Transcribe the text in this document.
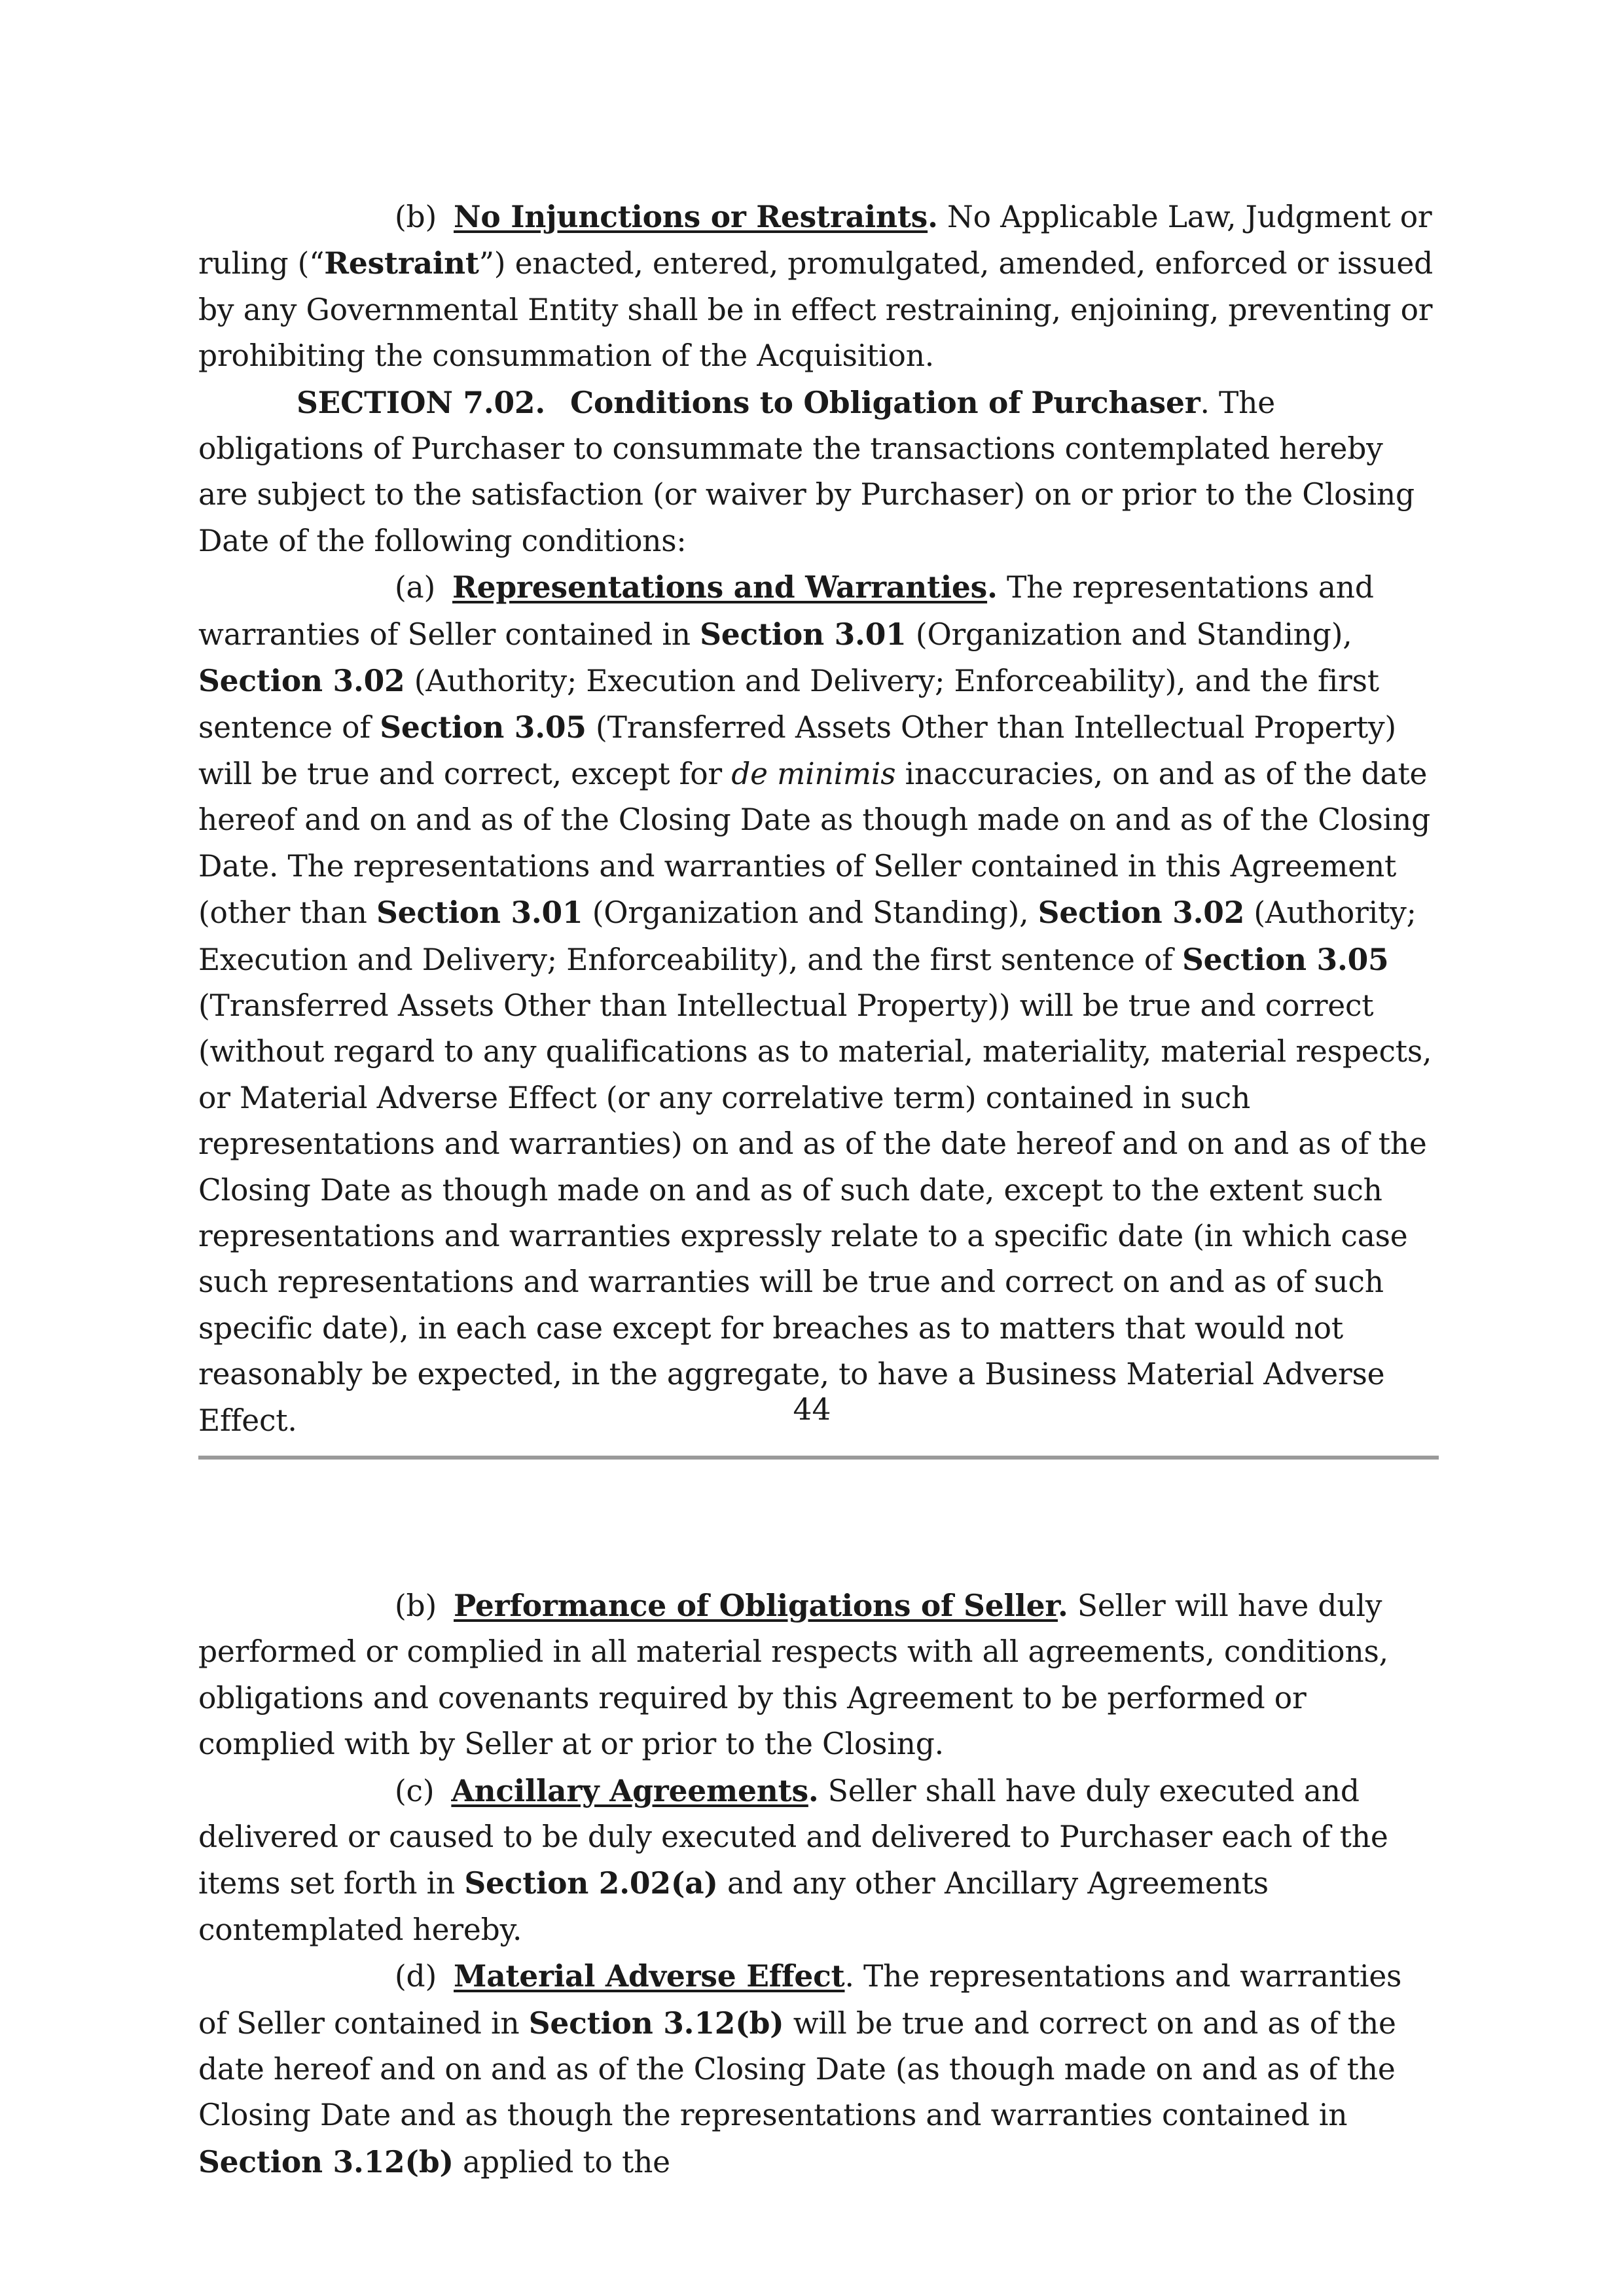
(b) No Injunctions or Restraints. No Applicable Law, Judgment or ruling (“Restraint”) enacted, entered, promulgated, amended, enforced or issued by any Governmental Entity shall be in effect restraining, enjoining, preventing or prohibiting the consummation of the Acquisition.

SECTION 7.02. Conditions to Obligation of Purchaser. The obligations of Purchaser to consummate the transactions contemplated hereby are subject to the satisfaction (or waiver by Purchaser) on or prior to the Closing Date of the following conditions:

(a) Representations and Warranties. The representations and warranties of Seller contained in Section 3.01 (Organization and Standing), Section 3.02 (Authority; Execution and Delivery; Enforceability), and the first sentence of Section 3.05 (Transferred Assets Other than Intellectual Property) will be true and correct, except for de minimis inaccuracies, on and as of the date hereof and on and as of the Closing Date as though made on and as of the Closing Date. The representations and warranties of Seller contained in this Agreement (other than Section 3.01 (Organization and Standing), Section 3.02 (Authority; Execution and Delivery; Enforceability), and the first sentence of Section 3.05 (Transferred Assets Other than Intellectual Property)) will be true and correct (without regard to any qualifications as to material, materiality, material respects, or Material Adverse Effect (or any correlative term) contained in such representations and warranties) on and as of the date hereof and on and as of the Closing Date as though made on and as of such date, except to the extent such representations and warranties expressly relate to a specific date (in which case such representations and warranties will be true and correct on and as of such specific date), in each case except for breaches as to matters that would not reasonably be expected, in the aggregate, to have a Business Material Adverse Effect.	44

(b) Performance of Obligations of Seller. Seller will have duly performed or complied in all material respects with all agreements, conditions, obligations and covenants required by this Agreement to be performed or complied with by Seller at or prior to the Closing.

(c) Ancillary Agreements. Seller shall have duly executed and delivered or caused to be duly executed and delivered to Purchaser each of the items set forth in Section 2.02(a) and any other Ancillary Agreements contemplated hereby.

(d) Material Adverse Effect. The representations and warranties of Seller contained in Section 3.12(b) will be true and correct on and as of the date hereof and on and as of the Closing Date (as though made on and as of the Closing Date and as though the representations and warranties contained in Section 3.12(b) applied to the
